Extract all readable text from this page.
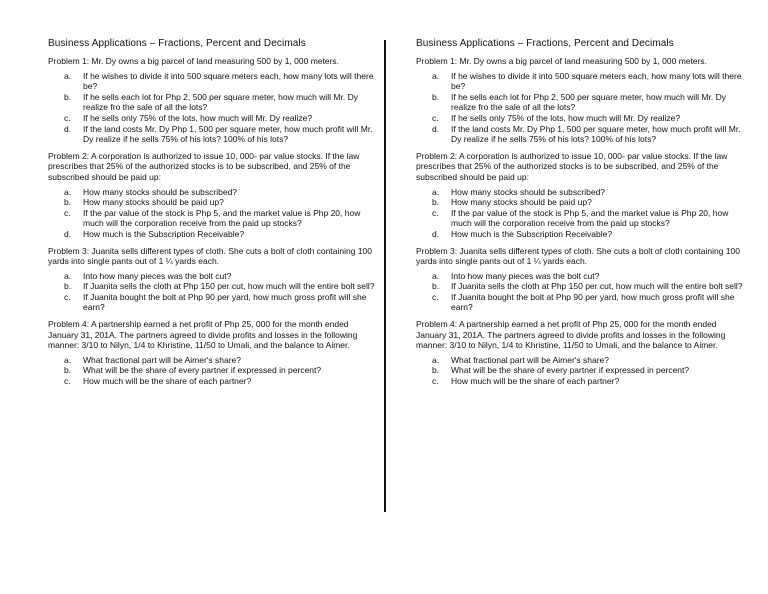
Business Applications – Fractions, Percent and Decimals
Problem 1: Mr. Dy owns a big parcel of land measuring 500 by 1, 000 meters.
a. If he wishes to divide it into 500 square meters each, how many lots will there be?
b. If he sells each lot for Php 2, 500 per square meter, how much will Mr. Dy realize fro the sale of all the lots?
c. If he sells only 75% of the lots, how much will Mr. Dy realize?
d. If the land costs Mr. Dy Php 1, 500 per square meter, how much profit will Mr. Dy realize if he sells 75% of his lots? 100% of his lots?
Problem 2: A corporation is authorized to issue 10, 000- par value stocks. If the law prescribes that 25% of the authorized stocks is to be subscribed, and 25% of the subscribed should be paid up:
a. How many stocks should be subscribed?
b. How many stocks should be paid up?
c. If the par value of the stock is Php 5, and the market value is Php 20, how much will the corporation receive from the paid up stocks?
d. How much is the Subscription Receivable?
Problem 3: Juanita sells different types of cloth. She cuts a bolt of cloth containing 100 yards into single pants out of 1 ¼ yards each.
a. Into how many pieces was the bolt cut?
b. If Juanita sells the cloth at Php 150 per cut, how much will the entire bolt sell?
c. If Juanita bought the bolt at Php 90 per yard, how much gross profit will she earn?
Problem 4: A partnership earned a net profit of Php 25, 000 for the month ended January 31, 201A. The partners agreed to divide profits and losses in the following manner: 3/10 to Nilyn, 1/4 to Khristine, 11/50 to Umali, and the balance to Aimer.
a. What fractional part will be Aimer's share?
b. What will be the share of every partner if expressed in percent?
c. How much will be the share of each partner?
Business Applications – Fractions, Percent and Decimals
Problem 1: Mr. Dy owns a big parcel of land measuring 500 by 1, 000 meters.
a. If he wishes to divide it into 500 square meters each, how many lots will there be?
b. If he sells each lot for Php 2, 500 per square meter, how much will Mr. Dy realize fro the sale of all the lots?
c. If he sells only 75% of the lots, how much will Mr. Dy realize?
d. If the land costs Mr. Dy Php 1, 500 per square meter, how much profit will Mr. Dy realize if he sells 75% of his lots? 100% of his lots?
Problem 2: A corporation is authorized to issue 10, 000- par value stocks. If the law prescribes that 25% of the authorized stocks is to be subscribed, and 25% of the subscribed should be paid up:
a. How many stocks should be subscribed?
b. How many stocks should be paid up?
c. If the par value of the stock is Php 5, and the market value is Php 20, how much will the corporation receive from the paid up stocks?
d. How much is the Subscription Receivable?
Problem 3: Juanita sells different types of cloth. She cuts a bolt of cloth containing 100 yards into single pants out of 1 ¼ yards each.
a. Into how many pieces was the bolt cut?
b. If Juanita sells the cloth at Php 150 per cut, how much will the entire bolt sell?
c. If Juanita bought the bolt at Php 90 per yard, how much gross profit will she earn?
Problem 4: A partnership earned a net profit of Php 25, 000 for the month ended January 31, 201A. The partners agreed to divide profits and losses in the following manner: 3/10 to Nilyn, 1/4 to Khristine, 11/50 to Umali, and the balance to Aimer.
a. What fractional part will be Aimer's share?
b. What will be the share of every partner if expressed in percent?
c. How much will be the share of each partner?
